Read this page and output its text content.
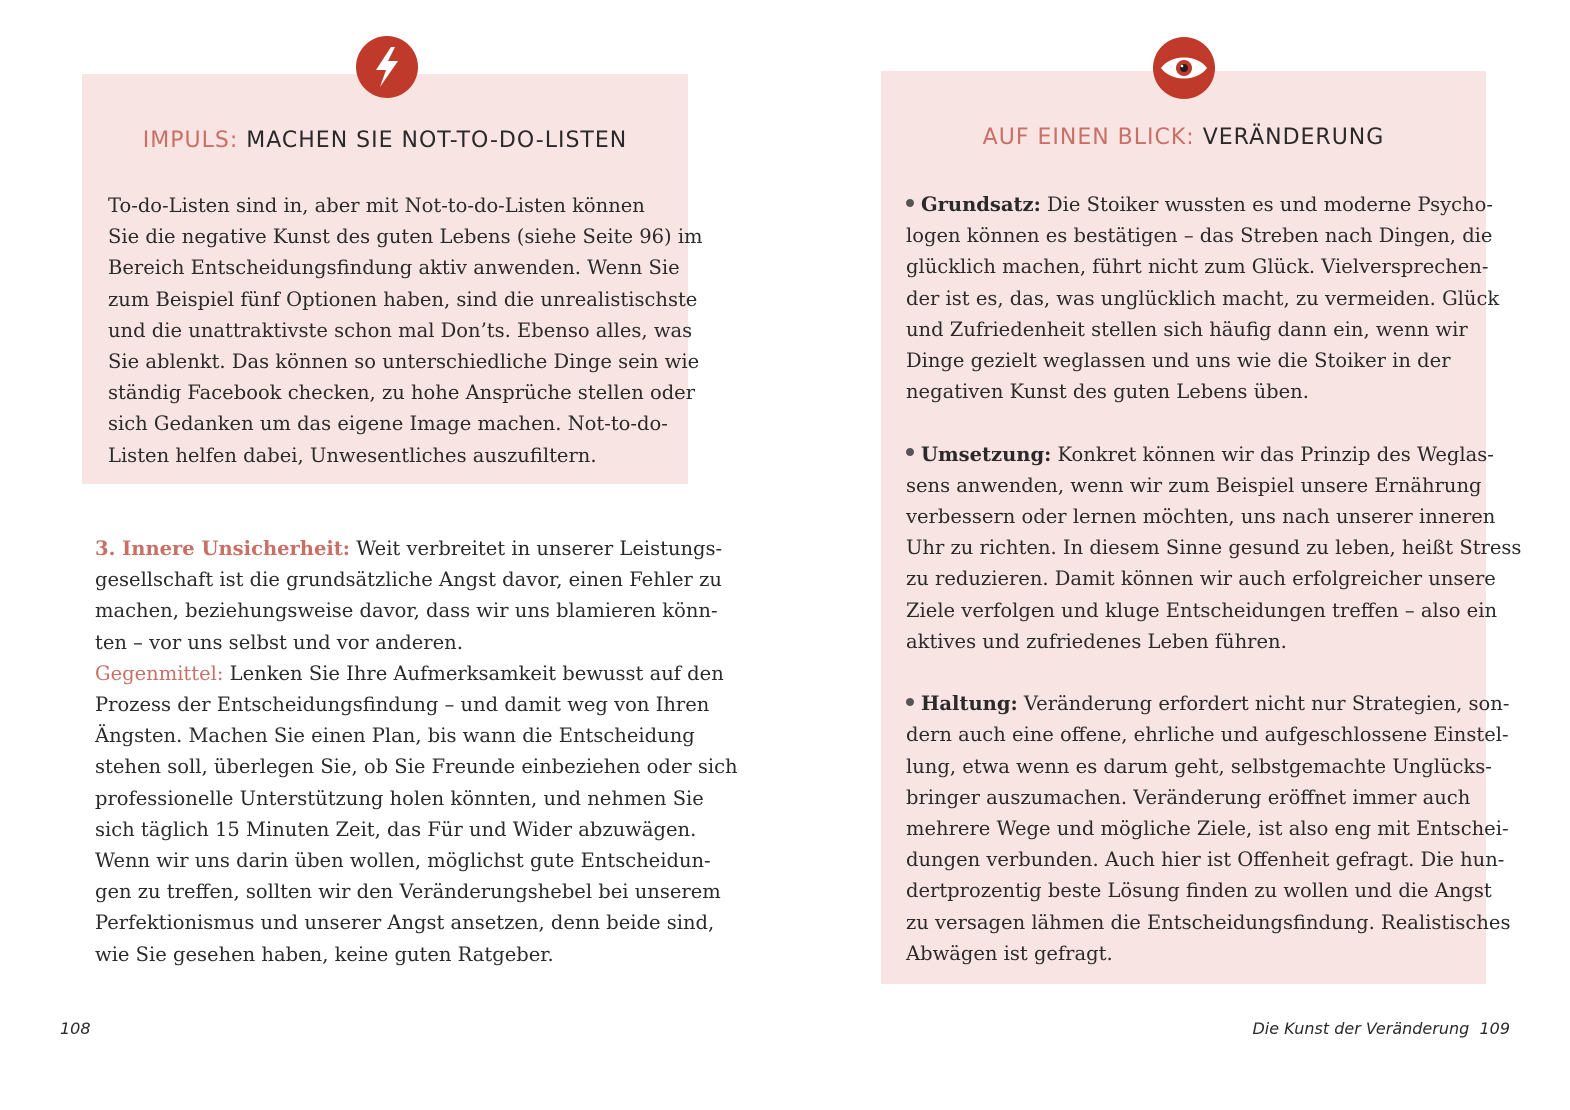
IMPULS: MACHEN SIE NOT-TO-DO-LISTEN
To-do-Listen sind in, aber mit Not-to-do-Listen können
Sie die negative Kunst des guten Lebens (siehe Seite 96) im
Bereich Entscheidungsfindung aktiv anwenden. Wenn Sie
zum Beispiel fünf Optionen haben, sind die unrealistischste
und die unattraktivste schon mal Don’ts. Ebenso alles, was
Sie ablenkt. Das können so unterschiedliche Dinge sein wie
ständig Facebook checken, zu hohe Ansprüche stellen oder
sich Gedanken um das eigene Image machen. Not-to-do-
Listen helfen dabei, Unwesentliches auszufiltern.
3. Innere Unsicherheit: Weit verbreitet in unserer Leistungs-
gesellschaft ist die grundsätzliche Angst davor, einen Fehler zu
machen, beziehungsweise davor, dass wir uns blamieren könn-
ten – vor uns selbst und vor anderen.
Gegenmittel: Lenken Sie Ihre Aufmerksamkeit bewusst auf den
Prozess der Entscheidungsfindung – und damit weg von Ihren
Ängsten. Machen Sie einen Plan, bis wann die Entscheidung
stehen soll, überlegen Sie, ob Sie Freunde einbeziehen oder sich
professionelle Unterstützung holen könnten, und nehmen Sie
sich täglich 15 Minuten Zeit, das Für und Wider abzuwägen.
Wenn wir uns darin üben wollen, möglichst gute Entscheidun-
gen zu treffen, sollten wir den Veränderungshebel bei unserem
Perfektionismus und unserer Angst ansetzen, denn beide sind,
wie Sie gesehen haben, keine guten Ratgeber.
108
AUF EINEN BLICK: VERÄNDERUNG
Grundsatz: Die Stoiker wussten es und moderne Psycho-
logen können es bestätigen – das Streben nach Dingen, die
glücklich machen, führt nicht zum Glück. Vielversprechen-
der ist es, das, was unglücklich macht, zu vermeiden. Glück
und Zufriedenheit stellen sich häufig dann ein, wenn wir
Dinge gezielt weglassen und uns wie die Stoiker in der
negativen Kunst des guten Lebens üben.
Umsetzung: Konkret können wir das Prinzip des Weglas-
sens anwenden, wenn wir zum Beispiel unsere Ernährung
verbessern oder lernen möchten, uns nach unserer inneren
Uhr zu richten. In diesem Sinne gesund zu leben, heißt Stress
zu reduzieren. Damit können wir auch erfolgreicher unsere
Ziele verfolgen und kluge Entscheidungen treffen – also ein
aktives und zufriedenes Leben führen.
Haltung: Veränderung erfordert nicht nur Strategien, son-
dern auch eine offene, ehrliche und aufgeschlossene Einstel-
lung, etwa wenn es darum geht, selbstgemachte Unglücks-
bringer auszumachen. Veränderung eröffnet immer auch
mehrere Wege und mögliche Ziele, ist also eng mit Entschei-
dungen verbunden. Auch hier ist Offenheit gefragt. Die hun-
dertprozentig beste Lösung finden zu wollen und die Angst
zu versagen lähmen die Entscheidungsfindung. Realistisches
Abwägen ist gefragt.
Die Kunst der Veränderung 109
